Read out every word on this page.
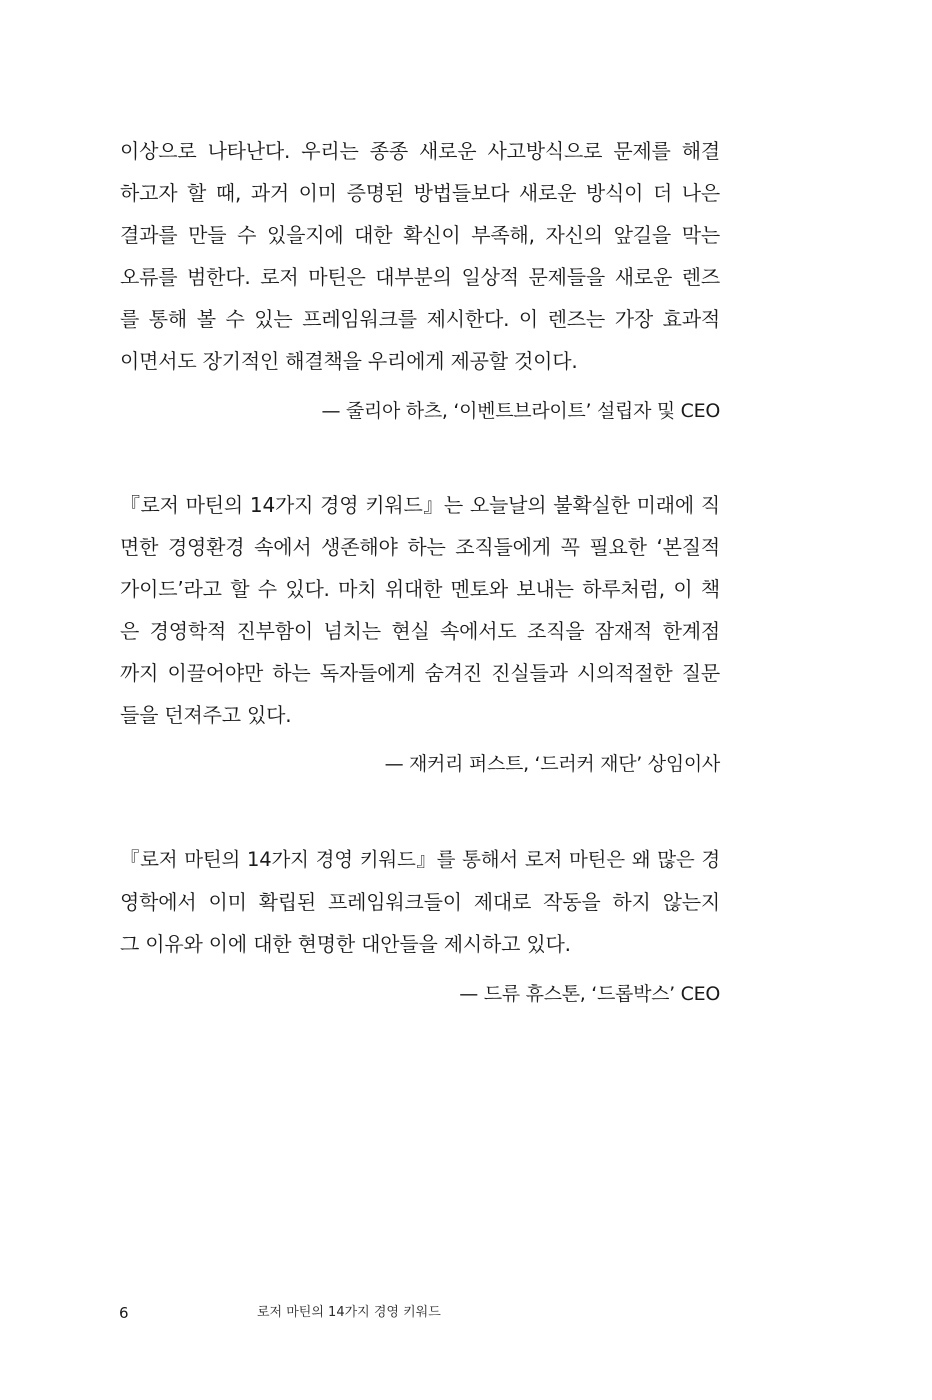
이상으로 나타난다. 우리는 종종 새로운 사고방식으로 문제를 해결
하고자 할 때, 과거 이미 증명된 방법들보다 새로운 방식이 더 나은
결과를 만들 수 있을지에 대한 확신이 부족해, 자신의 앞길을 막는
오류를 범한다. 로저 마틴은 대부분의 일상적 문제들을 새로운 렌즈
를 통해 볼 수 있는 프레임워크를 제시한다. 이 렌즈는 가장 효과적
이면서도 장기적인 해결책을 우리에게 제공할 것이다.
— 줄리아 하츠, ‘이벤트브라이트’ 설립자 및 CEO
『로저 마틴의 14가지 경영 키워드』는 오늘날의 불확실한 미래에 직
면한 경영환경 속에서 생존해야 하는 조직들에게 꼭 필요한 ‘본질적
가이드’라고 할 수 있다. 마치 위대한 멘토와 보내는 하루처럼, 이 책
은 경영학적 진부함이 넘치는 현실 속에서도 조직을 잠재적 한계점
까지 이끌어야만 하는 독자들에게 숨겨진 진실들과 시의적절한 질문
들을 던져주고 있다.
— 재커리 퍼스트, ‘드러커 재단’ 상임이사
『로저 마틴의 14가지 경영 키워드』를 통해서 로저 마틴은 왜 많은 경
영학에서 이미 확립된 프레임워크들이 제대로 작동을 하지 않는지
그 이유와 이에 대한 현명한 대안들을 제시하고 있다.
— 드류 휴스톤, ‘드롭박스’ CEO
6	로저 마틴의 14가지 경영 키워드
